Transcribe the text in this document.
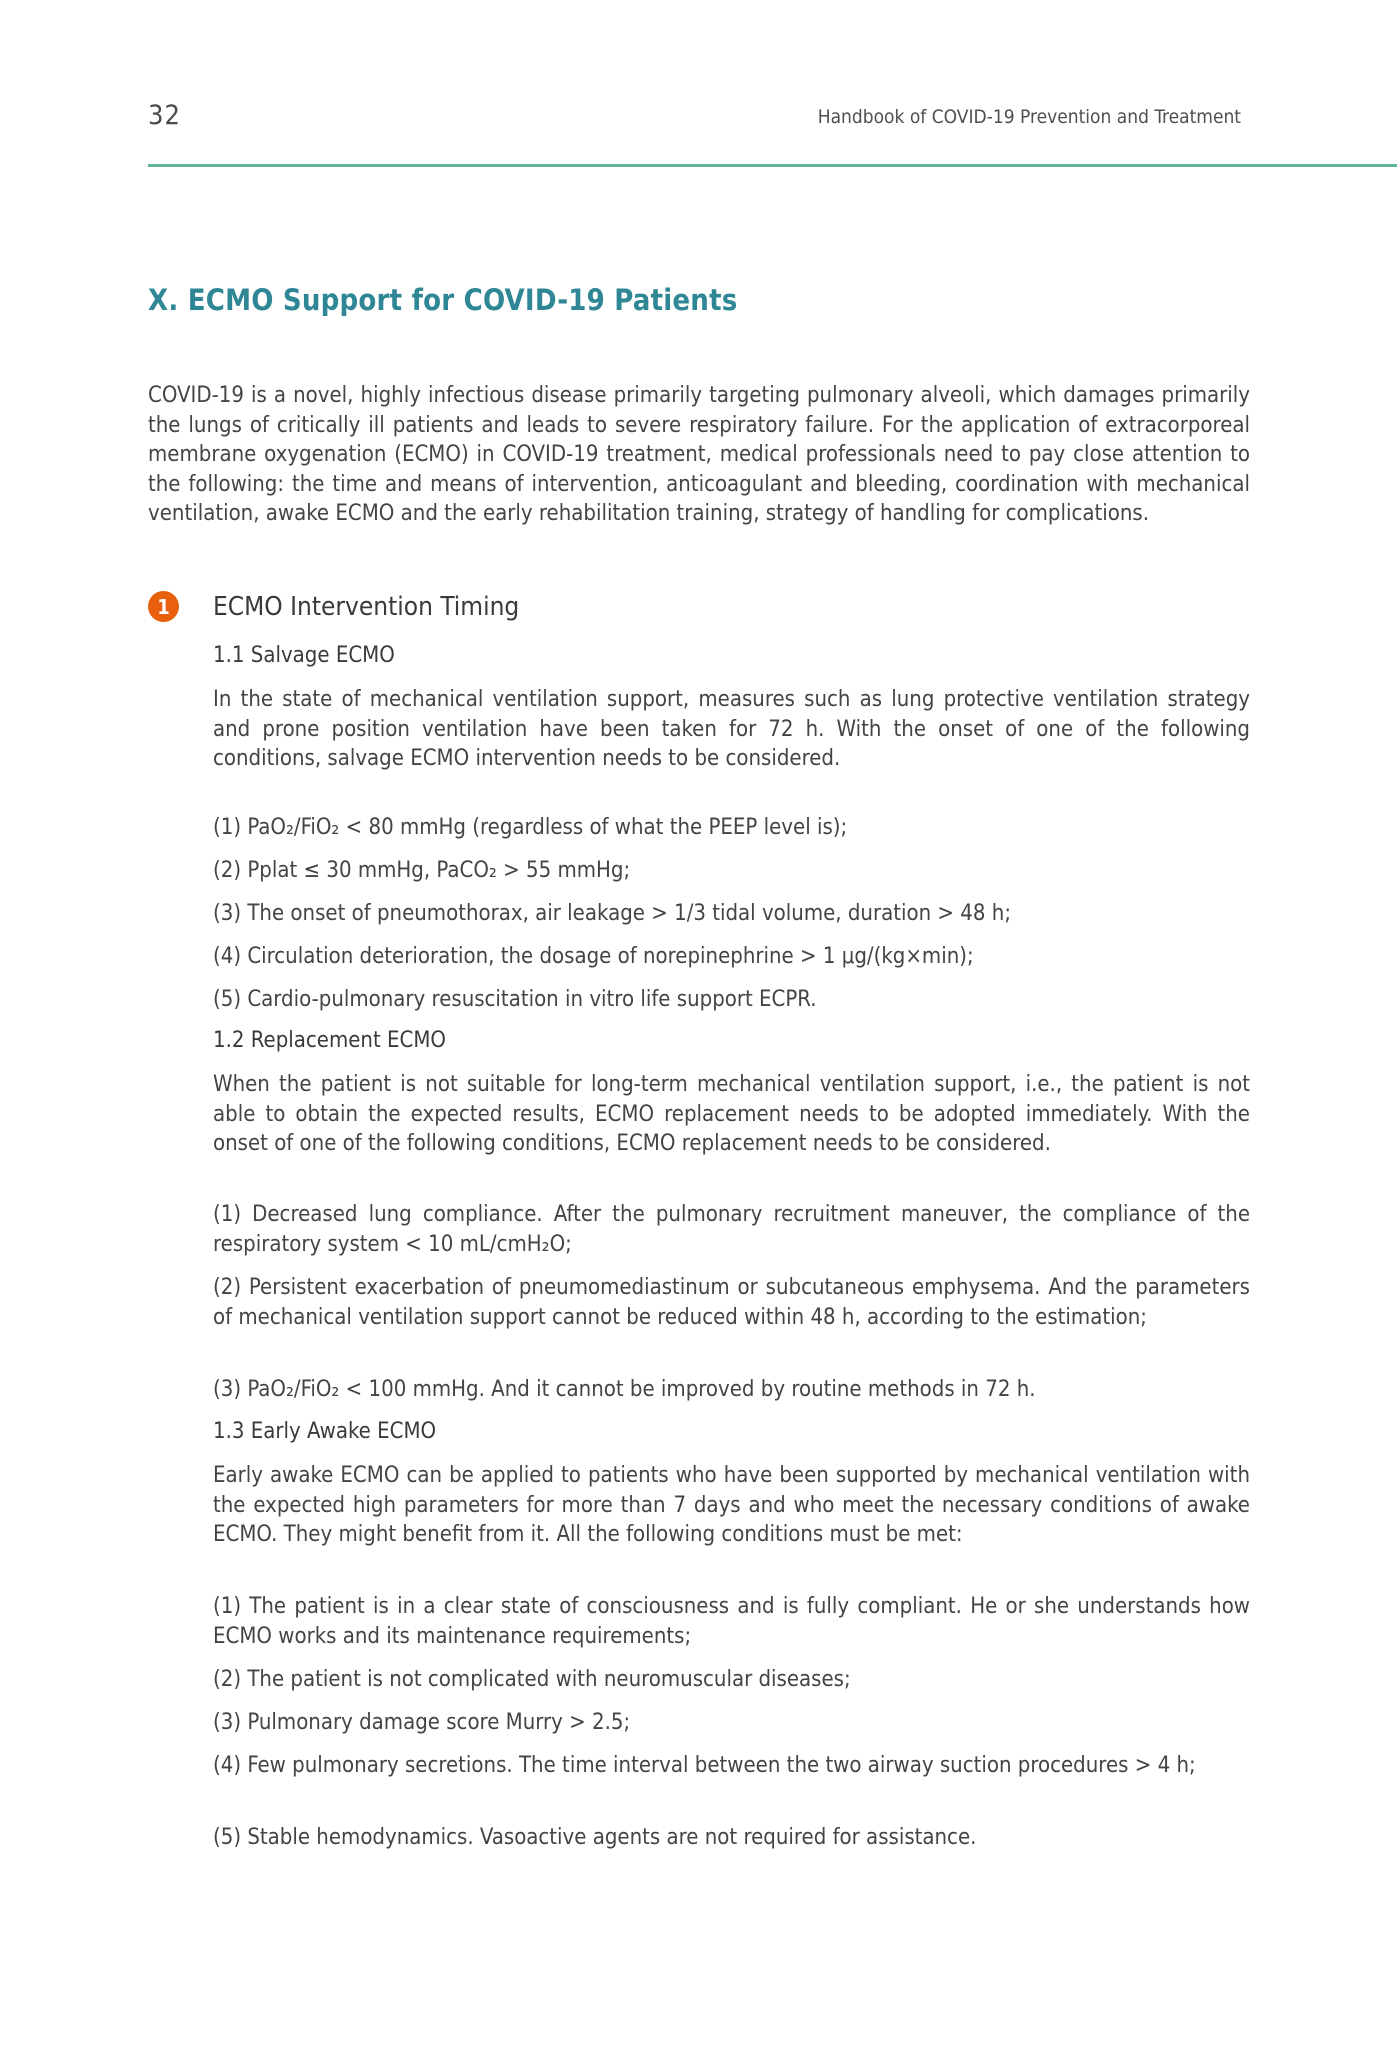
32	Handbook of COVID-19 Prevention and Treatment
X. ECMO Support for COVID-19 Patients
COVID-19 is a novel, highly infectious disease primarily targeting pulmonary alveoli, which damages primarily the lungs of critically ill patients and leads to severe respiratory failure. For the application of extracorporeal membrane oxygenation (ECMO) in COVID-19 treatment, medical professionals need to pay close attention to the following: the time and means of intervention, anticoagulant and bleeding, coordination with mechanical ventilation, awake ECMO and the early rehabilitation training, strategy of handling for complications.
1	ECMO Intervention Timing
1.1 Salvage ECMO
In the state of mechanical ventilation support, measures such as lung protective ventilation strategy and prone position ventilation have been taken for 72 h. With the onset of one of the following conditions, salvage ECMO intervention needs to be considered.
(1) PaO₂/FiO₂ < 80 mmHg (regardless of what the PEEP level is);
(2) Pplat ≤ 30 mmHg, PaCO₂ > 55 mmHg;
(3) The onset of pneumothorax, air leakage > 1/3 tidal volume, duration > 48 h;
(4) Circulation deterioration, the dosage of norepinephrine > 1 μg/(kg×min);
(5) Cardio-pulmonary resuscitation in vitro life support ECPR.
1.2 Replacement ECMO
When the patient is not suitable for long-term mechanical ventilation support, i.e., the patient is not able to obtain the expected results, ECMO replacement needs to be adopted immediately. With the onset of one of the following conditions, ECMO replacement needs to be considered.
(1) Decreased lung compliance. After the pulmonary recruitment maneuver, the compliance of the respiratory system < 10 mL/cmH₂O;
(2) Persistent exacerbation of pneumomediastinum or subcutaneous emphysema. And the parameters of mechanical ventilation support cannot be reduced within 48 h, according to the estimation;
(3) PaO₂/FiO₂ < 100 mmHg. And it cannot be improved by routine methods in 72 h.
1.3 Early Awake ECMO
Early awake ECMO can be applied to patients who have been supported by mechanical ventilation with the expected high parameters for more than 7 days and who meet the necessary conditions of awake ECMO. They might benefit from it. All the following conditions must be met:
(1) The patient is in a clear state of consciousness and is fully compliant. He or she understands how ECMO works and its maintenance requirements;
(2) The patient is not complicated with neuromuscular diseases;
(3) Pulmonary damage score Murry > 2.5;
(4) Few pulmonary secretions. The time interval between the two airway suction procedures > 4 h;
(5) Stable hemodynamics. Vasoactive agents are not required for assistance.
